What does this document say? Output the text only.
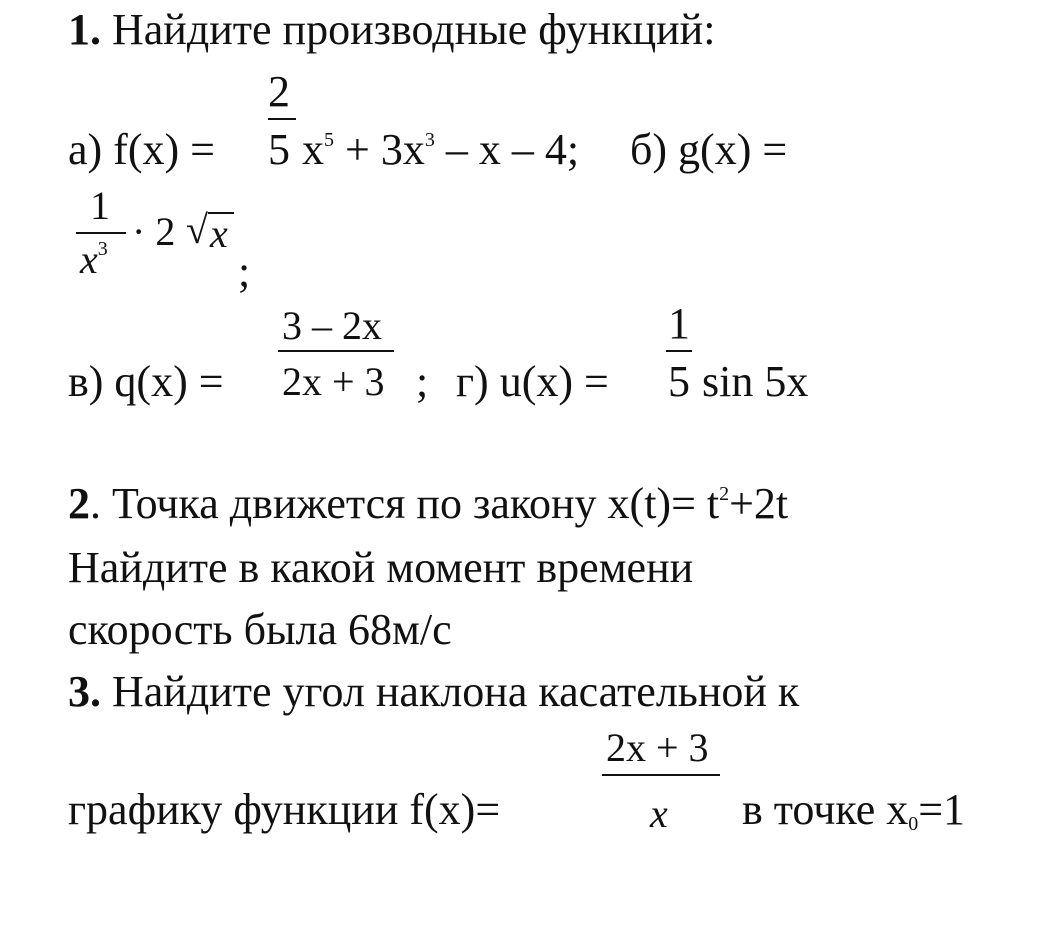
1. Найдите производные функций:
2
а) f(x) = 5 $x^5 + 3x^3 - x - 4$; б) g(x) =
1
$x^3 \cdot 2$ √ x
;
3 – 2x
в) q(x) = 2x + 3 ; г) u(x) =
1
5 sin 5x
2. Точка движется по закону $x(t)= t^2+2t$
Найдите в какой момент времени
скорость была 68м/с
3. Найдите угол наклона касательной к
2x + 3
графику функции f(x)=	x в точке x0=1
